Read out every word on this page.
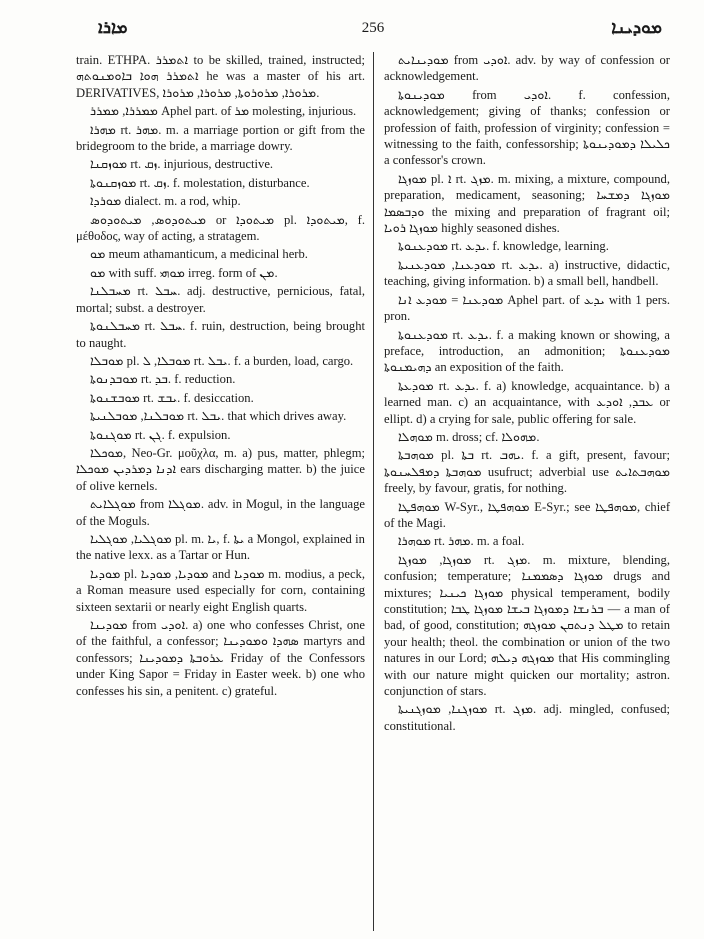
ܡܐܪܐ	256	ܡܘܕܝܢܐ

train. ETHPA. ܐܬܡܪܪ to be skilled, trained, instructed; ܐܬܡܪܪ ܗܘܐ ܒܐܘܡܢܘܬܗ he was a master of his art. DERIVATIVES, ܡܪܘܪܐ, ܡܪܘܪܘܬܐ, ܡܪܘܪܐ, ܡܪܘܪܐ.

ܡܡܪܪܐ, ܡܡܪܪ Aphel part. of ܡܪ molesting, injurious.

ܡܗܪܐ rt. ܡܗܪ. m. a marriage portion or gift from the bridegroom to the bride, a marriage dowry.

ܡܘܙܩܢܐ rt. ܙܩ. injurious, destructive.

ܡܘܙܩܢܘܬܐ rt. ܙܩ. f. molestation, disturbance.

ܡܘܪܕܐ dialect. m. a rod, whip.

ܡܝܬܘܕܘܣ, ܡܝܬܘܕܘܣ or ܡܝܬܘܕܐ pl. ܡܝܬܘܕܐ, f. μέθοδος, way of acting, a stratagem.

ܡܘ meum athamanticum, a medicinal herb.

ܡܘ with suff. ܡܘܗܝ irreg. form of ܡܢ.

ܡܚܒܠܢܐ rt. ܚܒܠ. adj. destructive, pernicious, fatal, mortal; subst. a destroyer.

ܡܚܒܠܢܘܬܐ rt. ܚܒܠ. f. ruin, destruction, being brought to naught.

ܡܘܒܠܐ pl. ܡܘܒܠܐ, ܠ rt. ܝܒܠ. f. a burden, load, cargo.

ܡܘܒܕܢܘܬܐ rt. ܒܕ. f. reduction.

ܡܘܒܫܢܘܬܐ rt. ܝܒܫ. f. desiccation.

ܡܘܒܠܢܐ, ܡܘܒܠܢܝܬܐ rt. ܝܒܠ. that which drives away.

ܡܘܓܢܘܬܐ rt. ܓܢ. f. expulsion.

ܡܘܟܠܐ, Neo-Gr. μοῦχλα, m. a) pus, matter, phlegm; ܐܕܢܐ ܕܡܪܕܝܢ ܡܘܟܠܐ ears discharging matter. b) the juice of olive kernels.

ܡܘܓܠܐܝܬ from ܡܘܓܠܐ. adv. in Mogul, in the language of the Moguls.

ܡܘܓܠܝܐ, ܡܘܓܠܝܐ pl. m. ܝܐ, f. ܝܬܐ a Mongol, explained in the native lexx. as a Tartar or Hun.

ܡܘܕܝܐ pl. ܡܘܕܝܐ, ܡܘܕܝܐ and ܡܘܕܝܐ m. modius, a peck, a Roman measure used especially for corn, containing sixteen sextarii or nearly eight English quarts.

ܡܘܕܝܢܐ from ܐܘܕܝ. a) one who confesses Christ, one of the faithful, a confessor; ܣܗܕܐ ܘܡܘܕܝܢܐ martyrs and confessors; ܥܪܘܒܬܐ ܕܡܘܕܝܢܐ Friday of the Confessors under King Sapor = Friday in Easter week. b) one who confesses his sin, a penitent. c) grateful.

ܡܘܕܝܢܐܝܬ from ܐܘܕܝ. adv. by way of confession or acknowledgement.

ܡܘܕܝܢܘܬܐ from ܐܘܕܝ. f. confession, acknowledgement; giving of thanks; confession or profession of faith, profession of virginity; confession = witnessing to the faith, confessorship; ܟܠܝܠܐ ܕܡܘܕܝܢܘܬܐ a confessor's crown.

ܡܘܙܓܐ pl. ܐ rt. ܡܙܓ. m. mixing, a mixture, compound, preparation, medicament, seasoning; ܡܘܙܓܐ ܕܡܫܚܐ ܘܕܒܣܡܐ the mixing and preparation of fragrant oil; ܡܘܙܓܐ ܪܘܝܐ highly seasoned dishes.

ܡܘܕܥܢܘܬܐ rt. ܝܕܥ. f. knowledge, learning.

ܡܘܕܥܢܐ, ܡܘܕܥܢܝܬܐ rt. ܝܕܥ. a) instructive, didactic, teaching, giving information. b) a small bell, handbell.

ܡܘܕܥܢܐ = ܡܘܕܥ ܐܢܐ Aphel part. of ܝܕܥ with 1 pers. pron.

ܡܘܕܥܢܘܬܐ rt. ܝܕܥ. f. a making known or showing, a preface, introduction, an admonition; ܡܘܕܥܢܘܬܐ ܕܗܝܡܢܘܬܐ an exposition of the faith.

ܡܘܕܥܬܐ rt. ܝܕܥ. f. a) knowledge, acquaintance. b) a learned man. c) an acquaintance, with ܥܒܕ, ܐܘܕܥ or ellipt. d) a crying for sale, public offering for sale.

ܡܘܗܠܐ m. dross; cf. ܡܗܘܠܐ.

ܡܘܗܒܬܐ pl. ܒܬܐ rt. ܝܗܒ. f. a gift, present, favour; ܡܘܗܒܬܐ ܕܡܦܠܚܢܘܬܐ usufruct; adverbial use ܡܘܗܒܬܐܝܬ freely, by favour, gratis, for nothing.

ܡܘܗܦܛܐ W-Syr., ܡܘܗܦܛܐ E-Syr.; see ܡܘܗܦܛܐ, chief of the Magi.

ܡܘܗܪܐ rt. ܡܗܪ. m. a foal.

ܡܘܙܓܐ, ܡܘܙܓܐ rt. ܡܙܓ. m. mixture, blending, confusion; temperature; ܡܘܙܓܐ ܕܣܡܡܢܐ drugs and mixtures; ܡܘܙܓܐ ܟܝܢܝܐ physical temperament, bodily constitution; ܒܪܢܫܐ ܕܡܘܙܓܐ ܒܝܫܐ ܡܘܙܓܐ ܛܒܐ — a man of bad, of good, constitution; ܡܛܠ ܕܢܬܩܢ ܡܘܙܓܗ to retain your health; theol. the combination or union of the two natures in our Lord; ܡܘܙܓܗ ܕܝܠܗ that His commingling with our nature might quicken our mortality; astron. conjunction of stars.

ܡܘܙܓܢܐ, ܡܘܙܓܢܝܬܐ rt. ܡܙܓ. adj. mingled, confused; constitutional.
